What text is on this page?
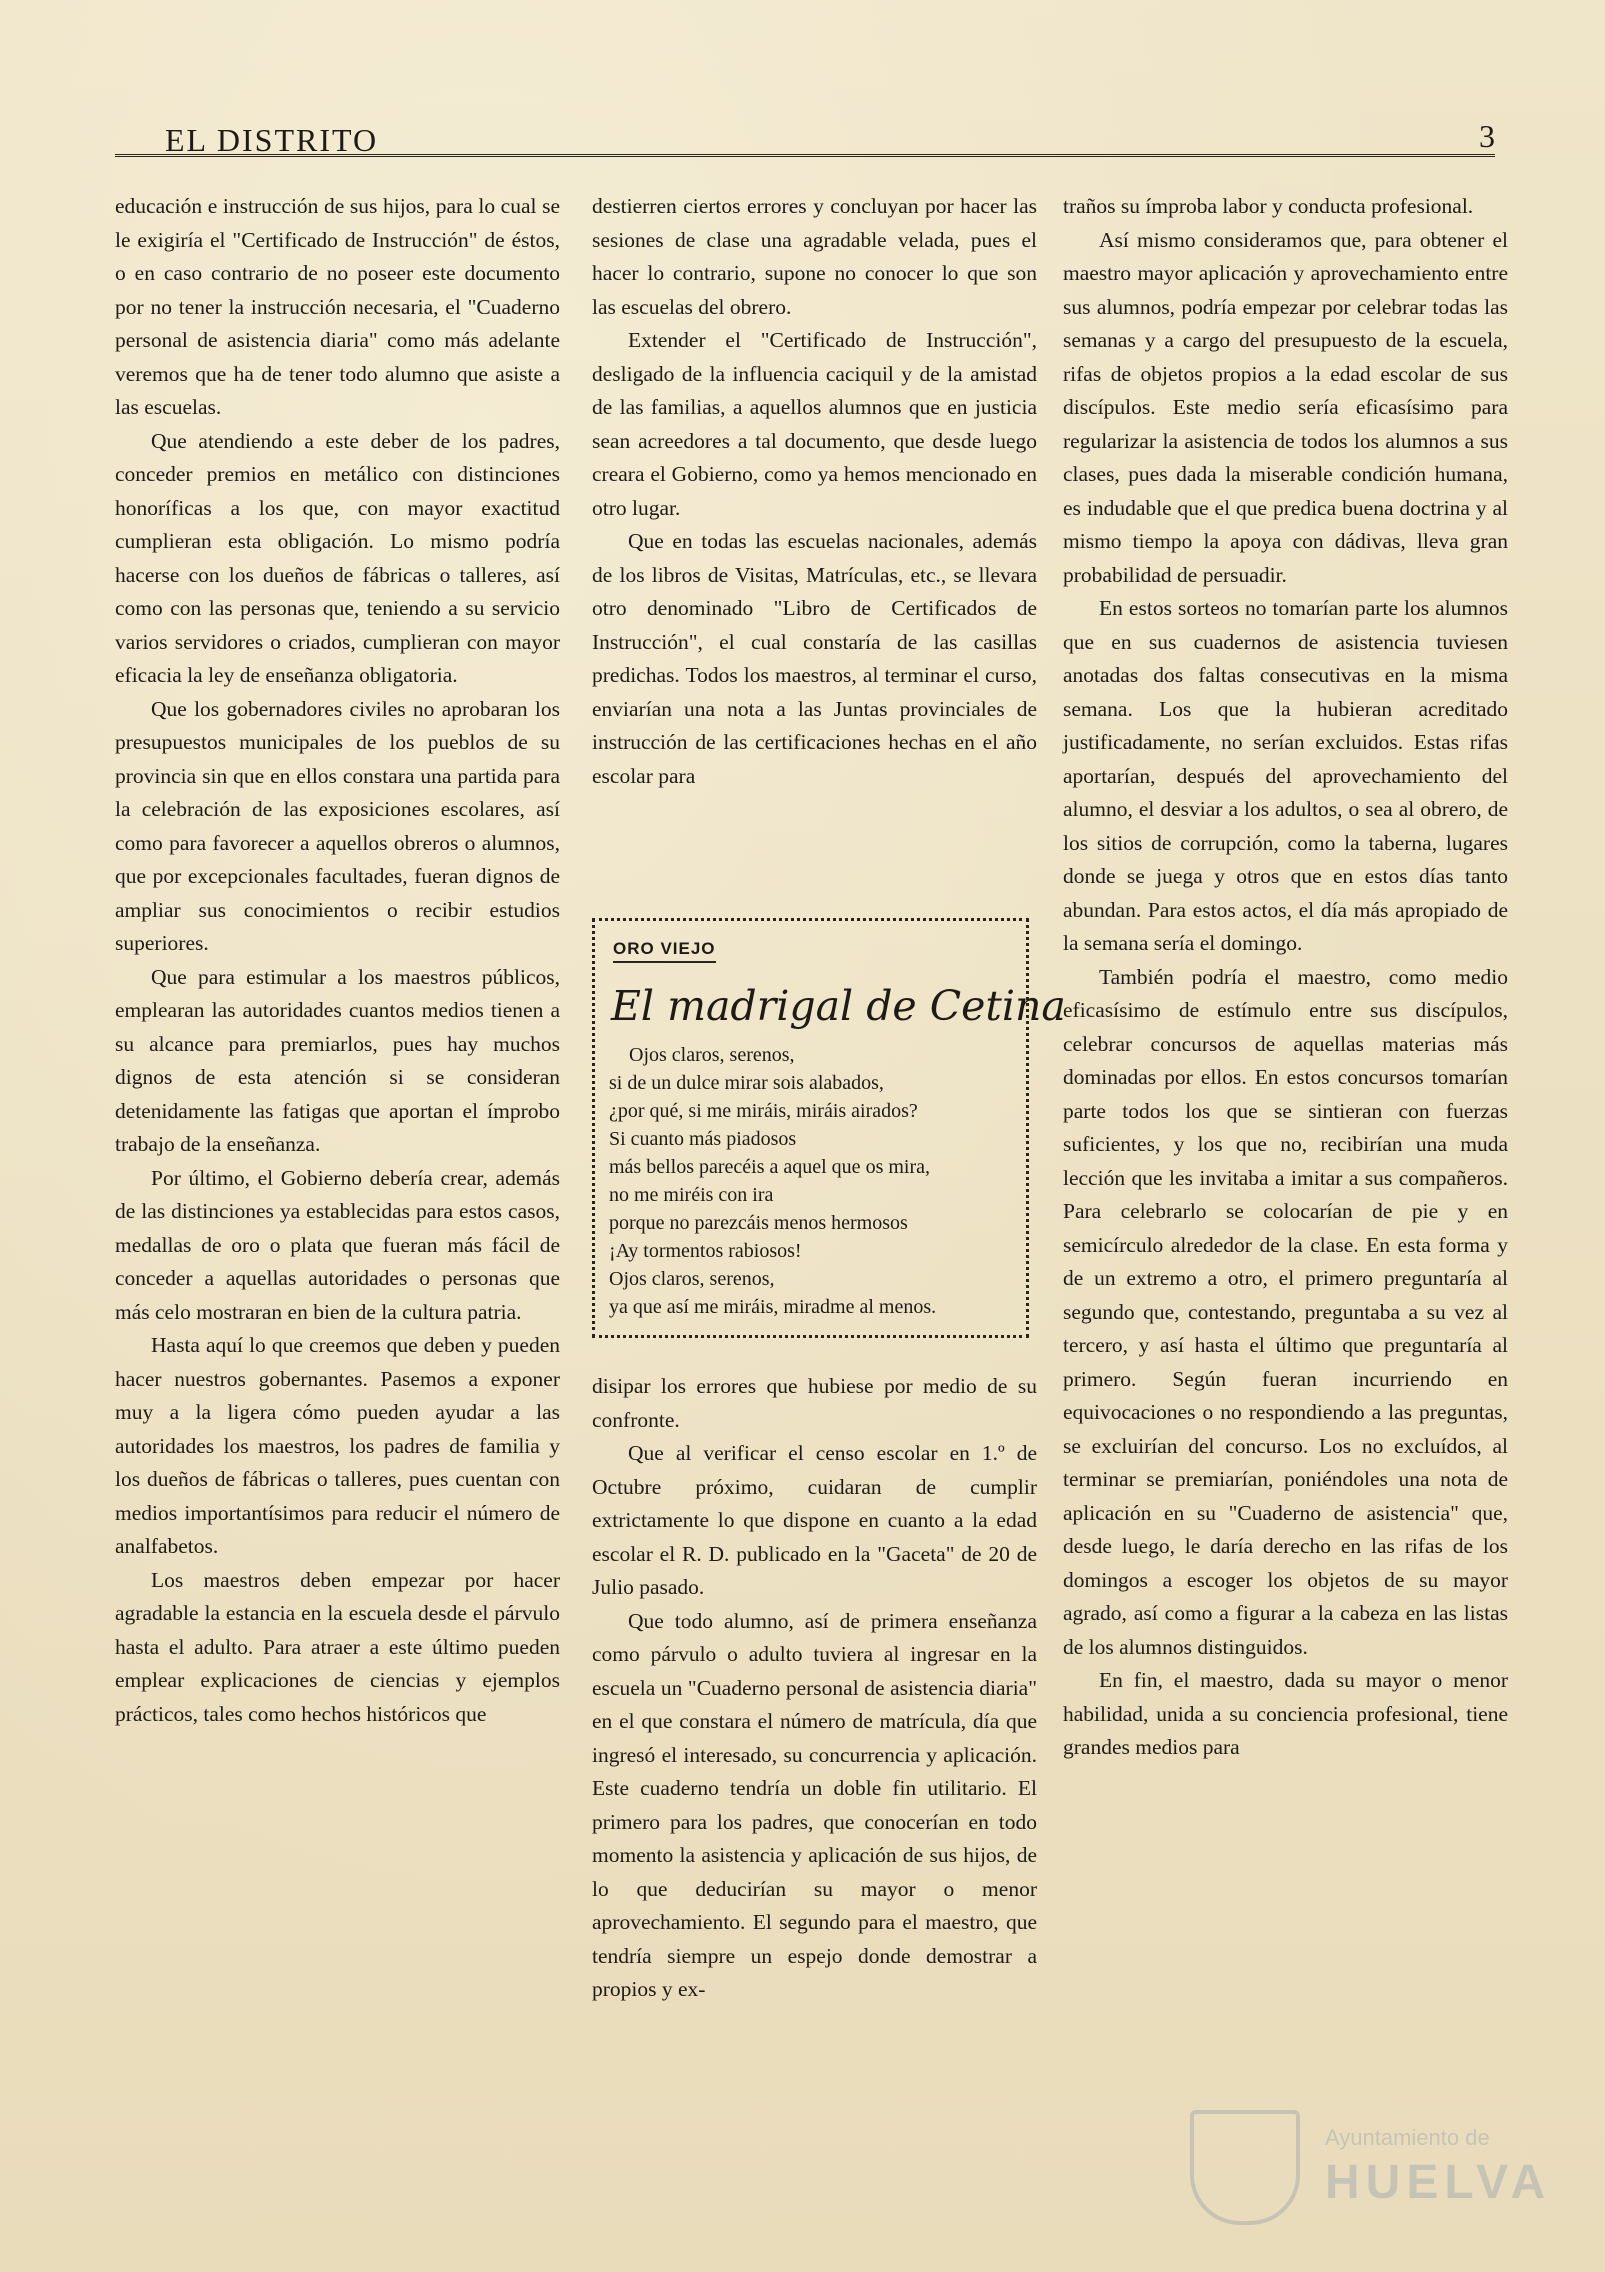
EL DISTRITO	3

educación e instrucción de sus hijos, para lo cual se le exigiría el "Certificado de Instrucción" de éstos, o en caso contrario de no poseer este documento por no tener la instrucción necesaria, el "Cuaderno personal de asistencia diaria" como más adelante veremos que ha de tener todo alumno que asiste a las escuelas.

Que atendiendo a este deber de los padres, conceder premios en metálico con distinciones honoríficas a los que, con mayor exactitud cumplieran esta obligación. Lo mismo podría hacerse con los dueños de fábricas o talleres, así como con las personas que, teniendo a su servicio varios servidores o criados, cumplieran con mayor eficacia la ley de enseñanza obligatoria.

Que los gobernadores civiles no aprobaran los presupuestos municipales de los pueblos de su provincia sin que en ellos constara una partida para la celebración de las exposiciones escolares, así como para favorecer a aquellos obreros o alumnos, que por excepcionales facultades, fueran dignos de ampliar sus conocimientos o recibir estudios superiores.

Que para estimular a los maestros públicos, emplearan las autoridades cuantos medios tienen a su alcance para premiarlos, pues hay muchos dignos de esta atención si se consideran detenidamente las fatigas que aportan el ímprobo trabajo de la enseñanza.

Por último, el Gobierno debería crear, además de las distinciones ya establecidas para estos casos, medallas de oro o plata que fueran más fácil de conceder a aquellas autoridades o personas que más celo mostraran en bien de la cultura patria.

Hasta aquí lo que creemos que deben y pueden hacer nuestros gobernantes. Pasemos a exponer muy a la ligera cómo pueden ayudar a las autoridades los maestros, los padres de familia y los dueños de fábricas o talleres, pues cuentan con medios importantísimos para reducir el número de analfabetos.

Los maestros deben empezar por hacer agradable la estancia en la escuela desde el párvulo hasta el adulto. Para atraer a este último pueden emplear explicaciones de ciencias y ejemplos prácticos, tales como hechos históricos que

destierren ciertos errores y concluyan por hacer las sesiones de clase una agradable velada, pues el hacer lo contrario, supone no conocer lo que son las escuelas del obrero.

Extender el "Certificado de Instrucción", desligado de la influencia caciquil y de la amistad de las familias, a aquellos alumnos que en justicia sean acreedores a tal documento, que desde luego creara el Gobierno, como ya hemos mencionado en otro lugar.

Que en todas las escuelas nacionales, además de los libros de Visitas, Matrículas, etc., se llevara otro denominado "Libro de Certificados de Instrucción", el cual constaría de las casillas predichas. Todos los maestros, al terminar el curso, enviarían una nota a las Juntas provinciales de instrucción de las certificaciones hechas en el año escolar para

disipar los errores que hubiese por medio de su confronte.

Que al verificar el censo escolar en 1.º de Octubre próximo, cuidaran de cumplir extrictamente lo que dispone en cuanto a la edad escolar el R. D. publicado en la "Gaceta" de 20 de Julio pasado.

Que todo alumno, así de primera enseñanza como párvulo o adulto tuviera al ingresar en la escuela un "Cuaderno personal de asistencia diaria" en el que constara el número de matrícula, día que ingresó el interesado, su concurrencia y aplicación. Este cuaderno tendría un doble fin utilitario. El primero para los padres, que conocerían en todo momento la asistencia y aplicación de sus hijos, de lo que deducirían su mayor o menor aprovechamiento. El segundo para el maestro, que tendría siempre un espejo donde demostrar a propios y ex-

ORO VIEJO
El madrigal de Cetina
Ojos claros, serenos,
si de un dulce mirar sois alabados,
¿por qué, si me miráis, miráis airados?
Si cuanto más piadosos
más bellos parecéis a aquel que os mira,
no me miréis con ira
porque no parezcáis menos hermosos
¡Ay tormentos rabiosos!
Ojos claros, serenos,
ya que así me miráis, miradme al menos.

traños su ímproba labor y conducta profesional.

Así mismo consideramos que, para obtener el maestro mayor aplicación y aprovechamiento entre sus alumnos, podría empezar por celebrar todas las semanas y a cargo del presupuesto de la escuela, rifas de objetos propios a la edad escolar de sus discípulos. Este medio sería eficasísimo para regularizar la asistencia de todos los alumnos a sus clases, pues dada la miserable condición humana, es indudable que el que predica buena doctrina y al mismo tiempo la apoya con dádivas, lleva gran probabilidad de persuadir.

En estos sorteos no tomarían parte los alumnos que en sus cuadernos de asistencia tuviesen anotadas dos faltas consecutivas en la misma semana. Los que la hubieran acreditado justificadamente, no serían excluidos. Estas rifas aportarían, después del aprovechamiento del alumno, el desviar a los adultos, o sea al obrero, de los sitios de corrupción, como la taberna, lugares donde se juega y otros que en estos días tanto abundan. Para estos actos, el día más apropiado de la semana sería el domingo.

También podría el maestro, como medio eficasísimo de estímulo entre sus discípulos, celebrar concursos de aquellas materias más dominadas por ellos. En estos concursos tomarían parte todos los que se sintieran con fuerzas suficientes, y los que no, recibirían una muda lección que les invitaba a imitar a sus compañeros. Para celebrarlo se colocarían de pie y en semicírculo alrededor de la clase. En esta forma y de un extremo a otro, el primero preguntaría al segundo que, contestando, preguntaba a su vez al tercero, y así hasta el último que preguntaría al primero. Según fueran incurriendo en equivocaciones o no respondiendo a las preguntas, se excluirían del concurso. Los no excluídos, al terminar se premiarían, poniéndoles una nota de aplicación en su "Cuaderno de asistencia" que, desde luego, le daría derecho en las rifas de los domingos a escoger los objetos de su mayor agrado, así como a figurar a la cabeza en las listas de los alumnos distinguidos.

En fin, el maestro, dada su mayor o menor habilidad, unida a su conciencia profesional, tiene grandes medios para

Ayuntamiento de
HUELVA
